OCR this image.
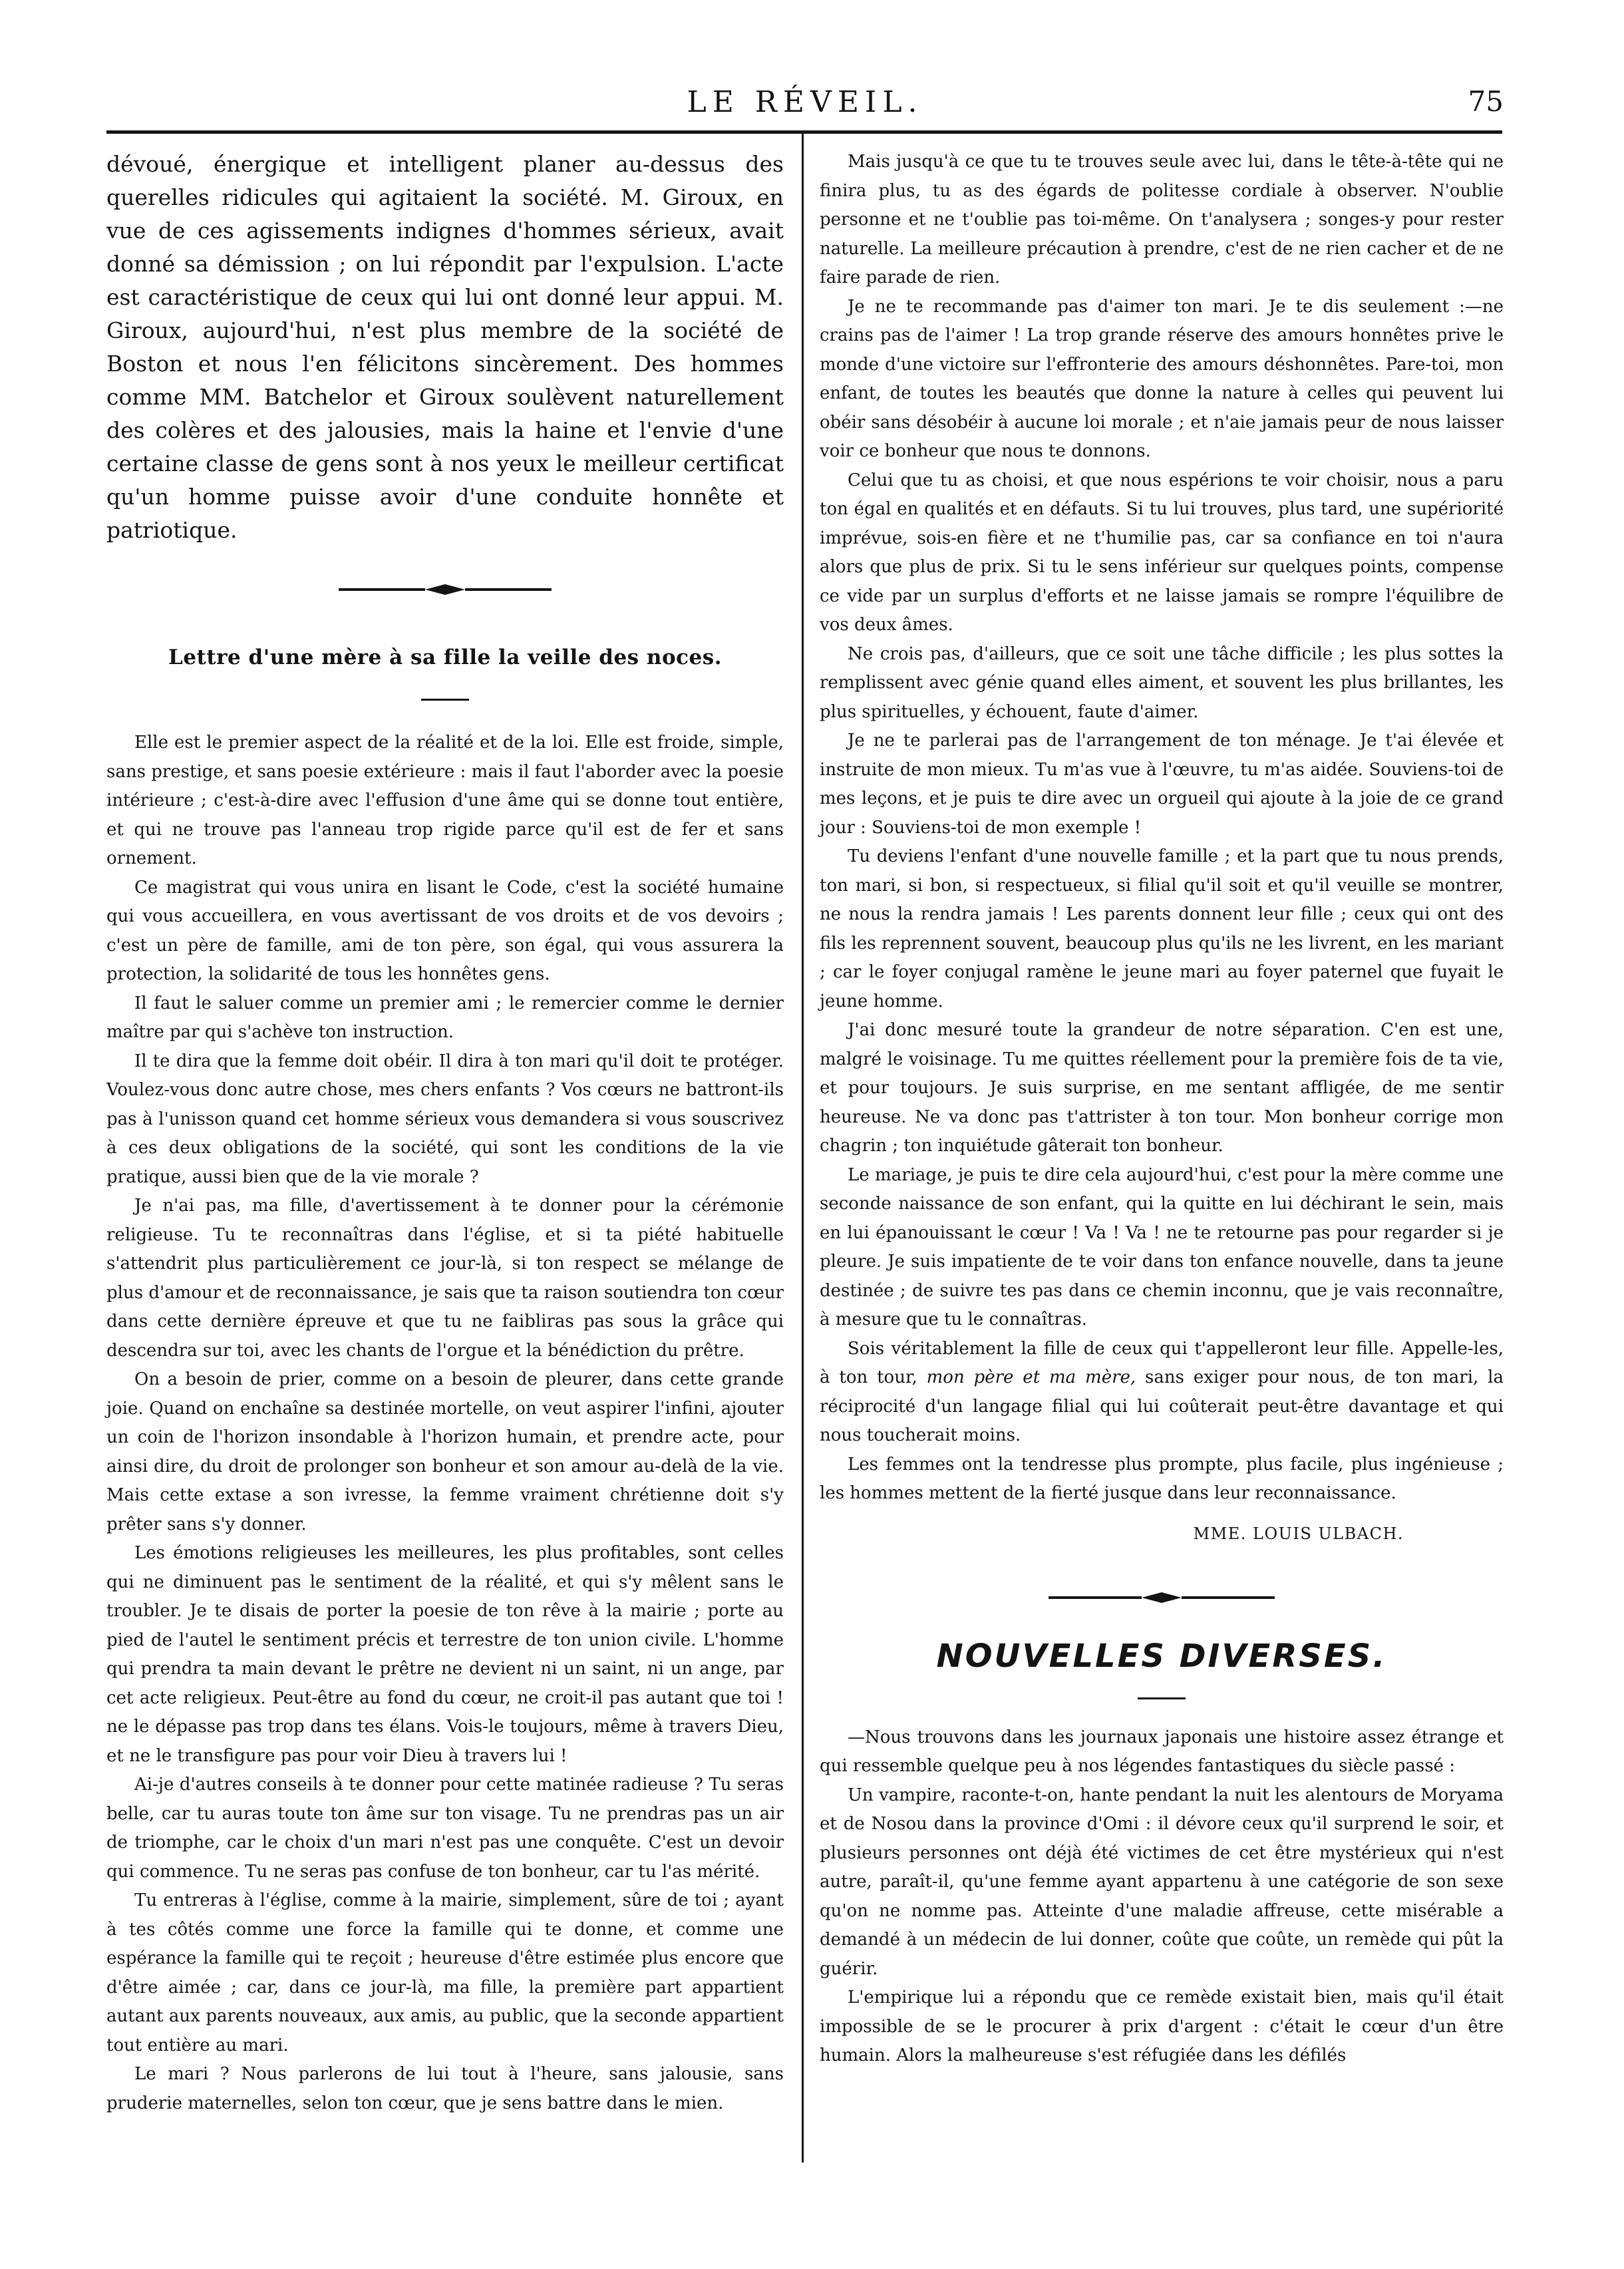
LE RÉVEIL.	75

dévoué, énergique et intelligent planer au-dessus des querelles ridicules qui agitaient la société. M. Giroux, en vue de ces agissements indignes d'hommes sérieux, avait donné sa démission ; on lui répondit par l'expulsion. L'acte est caractéristique de ceux qui lui ont donné leur appui. M. Giroux, aujourd'hui, n'est plus membre de la société de Boston et nous l'en félicitons sincèrement. Des hommes comme MM. Batchelor et Giroux soulèvent naturellement des colères et des jalousies, mais la haine et l'envie d'une certaine classe de gens sont à nos yeux le meilleur certificat qu'un homme puisse avoir d'une conduite honnête et patriotique.

Lettre d'une mère à sa fille la veille des noces.

Elle est le premier aspect de la réalité et de la loi. Elle est froide, simple, sans prestige, et sans poesie extérieure : mais il faut l'aborder avec la poesie intérieure ; c'est-à-dire avec l'effusion d'une âme qui se donne tout entière, et qui ne trouve pas l'anneau trop rigide parce qu'il est de fer et sans ornement.

Ce magistrat qui vous unira en lisant le Code, c'est la société humaine qui vous accueillera, en vous avertissant de vos droits et de vos devoirs ; c'est un père de famille, ami de ton père, son égal, qui vous assurera la protection, la solidarité de tous les honnêtes gens.

Il faut le saluer comme un premier ami ; le remercier comme le dernier maître par qui s'achève ton instruction.

Il te dira que la femme doit obéir. Il dira à ton mari qu'il doit te protéger. Voulez-vous donc autre chose, mes chers enfants ? Vos cœurs ne battront-ils pas à l'unisson quand cet homme sérieux vous demandera si vous souscrivez à ces deux obligations de la société, qui sont les conditions de la vie pratique, aussi bien que de la vie morale ?

Je n'ai pas, ma fille, d'avertissement à te donner pour la cérémonie religieuse. Tu te reconnaîtras dans l'église, et si ta piété habituelle s'attendrit plus particulièrement ce jour-là, si ton respect se mélange de plus d'amour et de reconnaissance, je sais que ta raison soutiendra ton cœur dans cette dernière épreuve et que tu ne faibliras pas sous la grâce qui descendra sur toi, avec les chants de l'orgue et la bénédiction du prêtre.

On a besoin de prier, comme on a besoin de pleurer, dans cette grande joie. Quand on enchaîne sa destinée mortelle, on veut aspirer l'infini, ajouter un coin de l'horizon insondable à l'horizon humain, et prendre acte, pour ainsi dire, du droit de prolonger son bonheur et son amour au-delà de la vie. Mais cette extase a son ivresse, la femme vraiment chrétienne doit s'y prêter sans s'y donner.

Les émotions religieuses les meilleures, les plus profitables, sont celles qui ne diminuent pas le sentiment de la réalité, et qui s'y mêlent sans le troubler. Je te disais de porter la poesie de ton rêve à la mairie ; porte au pied de l'autel le sentiment précis et terrestre de ton union civile. L'homme qui prendra ta main devant le prêtre ne devient ni un saint, ni un ange, par cet acte religieux. Peut-être au fond du cœur, ne croit-il pas autant que toi ! ne le dépasse pas trop dans tes élans. Vois-le toujours, même à travers Dieu, et ne le transfigure pas pour voir Dieu à travers lui !

Ai-je d'autres conseils à te donner pour cette matinée radieuse ? Tu seras belle, car tu auras toute ton âme sur ton visage. Tu ne prendras pas un air de triomphe, car le choix d'un mari n'est pas une conquête. C'est un devoir qui commence. Tu ne seras pas confuse de ton bonheur, car tu l'as mérité.

Tu entreras à l'église, comme à la mairie, simplement, sûre de toi ; ayant à tes côtés comme une force la famille qui te donne, et comme une espérance la famille qui te reçoit ; heureuse d'être estimée plus encore que d'être aimée ; car, dans ce jour-là, ma fille, la première part appartient autant aux parents nouveaux, aux amis, au public, que la seconde appartient tout entière au mari.

Le mari ? Nous parlerons de lui tout à l'heure, sans jalousie, sans pruderie maternelles, selon ton cœur, que je sens battre dans le mien.

Mais jusqu'à ce que tu te trouves seule avec lui, dans le tête-à-tête qui ne finira plus, tu as des égards de politesse cordiale à observer. N'oublie personne et ne t'oublie pas toi-même. On t'analysera ; songes-y pour rester naturelle. La meilleure précaution à prendre, c'est de ne rien cacher et de ne faire parade de rien.

Je ne te recommande pas d'aimer ton mari. Je te dis seulement :—ne crains pas de l'aimer ! La trop grande réserve des amours honnêtes prive le monde d'une victoire sur l'effronterie des amours déshonnêtes. Pare-toi, mon enfant, de toutes les beautés que donne la nature à celles qui peuvent lui obéir sans désobéir à aucune loi morale ; et n'aie jamais peur de nous laisser voir ce bonheur que nous te donnons.

Celui que tu as choisi, et que nous espérions te voir choisir, nous a paru ton égal en qualités et en défauts. Si tu lui trouves, plus tard, une supériorité imprévue, sois-en fière et ne t'humilie pas, car sa confiance en toi n'aura alors que plus de prix. Si tu le sens inférieur sur quelques points, compense ce vide par un surplus d'efforts et ne laisse jamais se rompre l'équilibre de vos deux âmes.

Ne crois pas, d'ailleurs, que ce soit une tâche difficile ; les plus sottes la remplissent avec génie quand elles aiment, et souvent les plus brillantes, les plus spirituelles, y échouent, faute d'aimer.

Je ne te parlerai pas de l'arrangement de ton ménage. Je t'ai élevée et instruite de mon mieux. Tu m'as vue à l'œuvre, tu m'as aidée. Souviens-toi de mes leçons, et je puis te dire avec un orgueil qui ajoute à la joie de ce grand jour : Souviens-toi de mon exemple !

Tu deviens l'enfant d'une nouvelle famille ; et la part que tu nous prends, ton mari, si bon, si respectueux, si filial qu'il soit et qu'il veuille se montrer, ne nous la rendra jamais ! Les parents donnent leur fille ; ceux qui ont des fils les reprennent souvent, beaucoup plus qu'ils ne les livrent, en les mariant ; car le foyer conjugal ramène le jeune mari au foyer paternel que fuyait le jeune homme.

J'ai donc mesuré toute la grandeur de notre séparation. C'en est une, malgré le voisinage. Tu me quittes réellement pour la première fois de ta vie, et pour toujours. Je suis surprise, en me sentant affligée, de me sentir heureuse. Ne va donc pas t'attrister à ton tour. Mon bonheur corrige mon chagrin ; ton inquiétude gâterait ton bonheur.

Le mariage, je puis te dire cela aujourd'hui, c'est pour la mère comme une seconde naissance de son enfant, qui la quitte en lui déchirant le sein, mais en lui épanouissant le cœur ! Va ! Va ! ne te retourne pas pour regarder si je pleure. Je suis impatiente de te voir dans ton enfance nouvelle, dans ta jeune destinée ; de suivre tes pas dans ce chemin inconnu, que je vais reconnaître, à mesure que tu le connaîtras.

Sois véritablement la fille de ceux qui t'appelleront leur fille. Appelle-les, à ton tour, mon père et ma mère, sans exiger pour nous, de ton mari, la réciprocité d'un langage filial qui lui coûterait peut-être davantage et qui nous toucherait moins.

Les femmes ont la tendresse plus prompte, plus facile, plus ingénieuse ; les hommes mettent de la fierté jusque dans leur reconnaissance.

MME. LOUIS ULBACH.

NOUVELLES DIVERSES.

—Nous trouvons dans les journaux japonais une histoire assez étrange et qui ressemble quelque peu à nos légendes fantastiques du siècle passé :

Un vampire, raconte-t-on, hante pendant la nuit les alentours de Moryama et de Nosou dans la province d'Omi : il dévore ceux qu'il surprend le soir, et plusieurs personnes ont déjà été victimes de cet être mystérieux qui n'est autre, paraît-il, qu'une femme ayant appartenu à une catégorie de son sexe qu'on ne nomme pas. Atteinte d'une maladie affreuse, cette misérable a demandé à un médecin de lui donner, coûte que coûte, un remède qui pût la guérir.

L'empirique lui a répondu que ce remède existait bien, mais qu'il était impossible de se le procurer à prix d'argent : c'était le cœur d'un être humain. Alors la malheureuse s'est réfugiée dans les défilés
